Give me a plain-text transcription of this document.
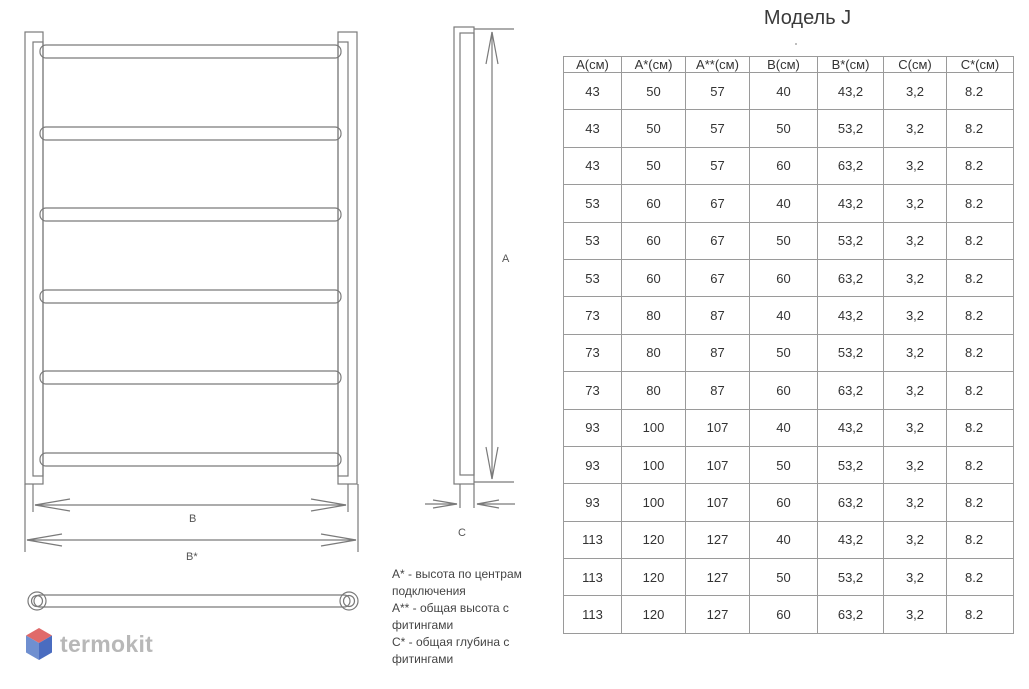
B
B*
A
C
Модель J
A(см)	A*(см)	A**(см)	B(см)	B*(см)	C(см)	C*(см)
43	50	57	40	43,2	3,2	8.2
43	50	57	50	53,2	3,2	8.2
43	50	57	60	63,2	3,2	8.2
53	60	67	40	43,2	3,2	8.2
53	60	67	50	53,2	3,2	8.2
53	60	67	60	63,2	3,2	8.2
73	80	87	40	43,2	3,2	8.2
73	80	87	50	53,2	3,2	8.2
73	80	87	60	63,2	3,2	8.2
93	100	107	40	43,2	3,2	8.2
93	100	107	50	53,2	3,2	8.2
93	100	107	60	63,2	3,2	8.2
113	120	127	40	43,2	3,2	8.2
113	120	127	50	53,2	3,2	8.2
113	120	127	60	63,2	3,2	8.2
A* - высота по центрам
подключения
A** - общая высота с
фитингами
C* - общая глубина с
фитингами
termokit
